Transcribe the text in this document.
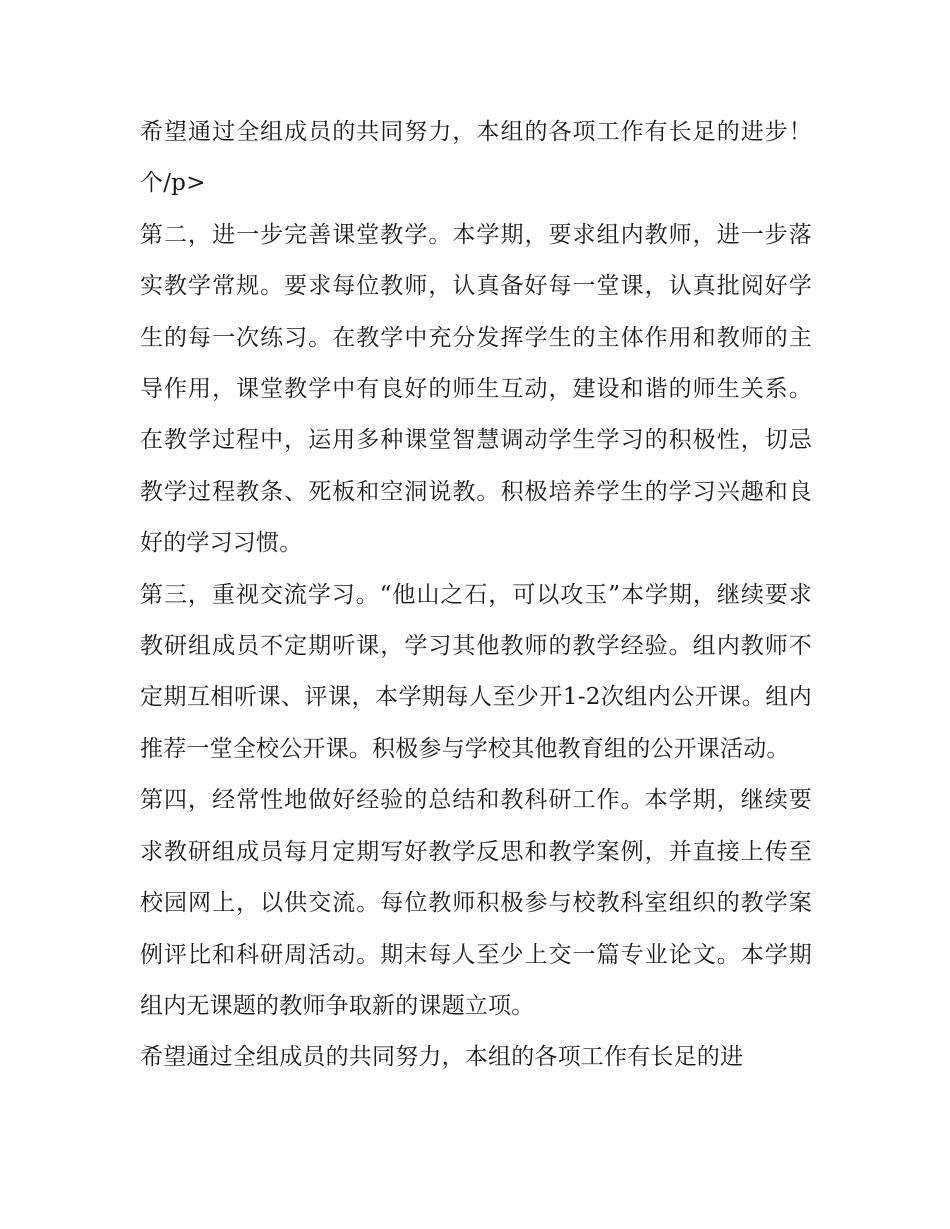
希望通过全组成员的共同努力，本组的各项工作有长足的进步！ 个/p>

第二，进一步完善课堂教学。本学期，要求组内教师，进一步落实教学常规。要求每位教师，认真备好每一堂课，认真批阅好学生的每一次练习。在教学中充分发挥学生的主体作用和教师的主导作用，课堂教学中有良好的师生互动，建设和谐的师生关系。在教学过程中，运用多种课堂智慧调动学生学习的积极性，切忌教学过程教条、死板和空洞说教。积极培养学生的学习兴趣和良好的学习习惯。

第三，重视交流学习。“他山之石，可以攻玉”本学期，继续要求教研组成员不定期听课，学习其他教师的教学经验。组内教师不定期互相听课、评课，本学期每人至少开1-2次组内公开课。组内推荐一堂全校公开课。积极参与学校其他教育组的公开课活动。

第四，经常性地做好经验的总结和教科研工作。本学期，继续要求教研组成员每月定期写好教学反思和教学案例，并直接上传至校园网上，以供交流。每位教师积极参与校教科室组织的教学案例评比和科研周活动。期末每人至少上交一篇专业论文。本学期组内无课题的教师争取新的课题立项。

希望通过全组成员的共同努力，本组的各项工作有长足的进
